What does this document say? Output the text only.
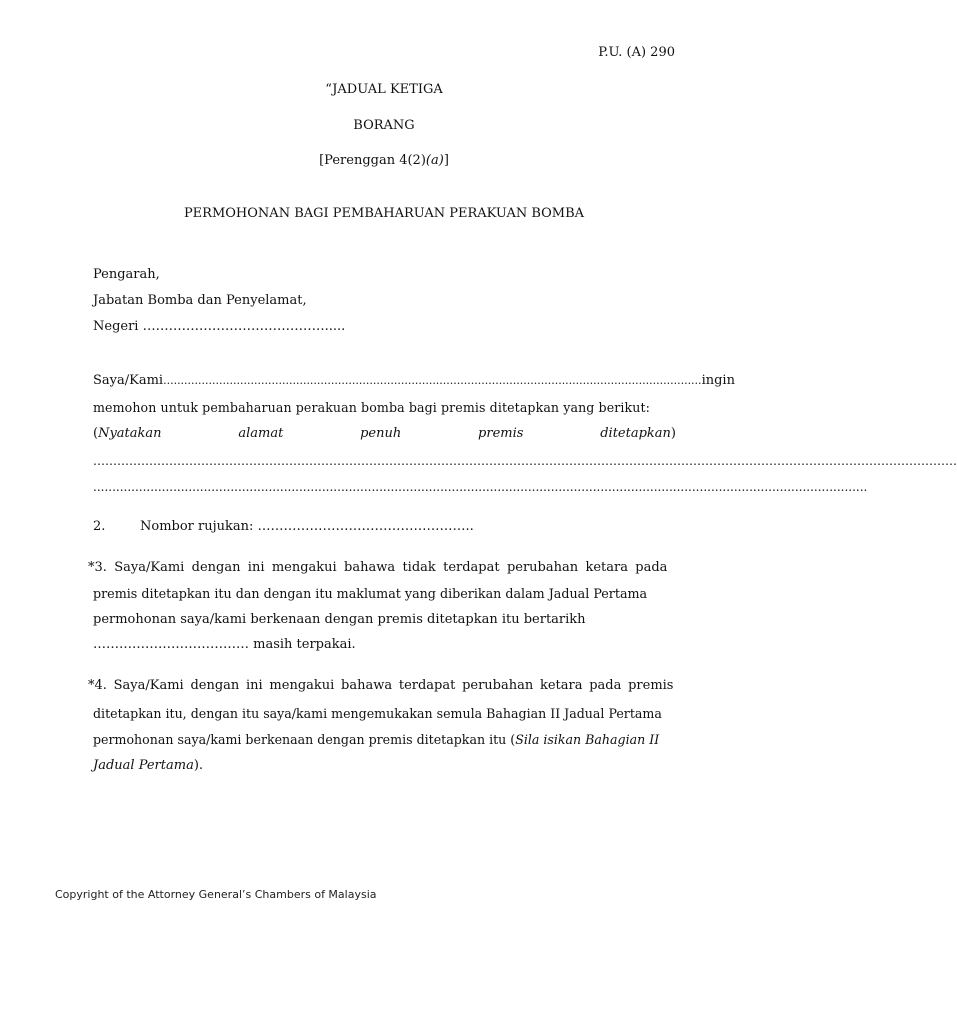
P.U. (A) 290
“JADUAL KETIGA
BORANG
[Perenggan 4(2)(a)]
PERMOHONAN BAGI PEMBAHARUAN PERAKUAN BOMBA
Pengarah,
Jabatan Bomba dan Penyelamat,
Negeri …………………………………….....
Saya/Kami .......................................................................................................................................................... ingin
memohon untuk pembaharuan perakuan bomba bagi premis ditetapkan yang berikut:
(Nyatakan	alamat	penuh	premis	ditetapkan)
………………………………………………………………………………………………………………………………………………………………………………………………
...........................................................................................................................................................................................................
2.	Nombor rujukan: …………………………………………..
*3. Saya/Kami dengan ini mengakui bahawa tidak terdapat perubahan ketara pada
premis ditetapkan itu dan dengan itu maklumat yang diberikan dalam Jadual Pertama
permohonan saya/kami berkenaan dengan premis ditetapkan itu bertarikh
……………………………… masih terpakai.
*4. Saya/Kami dengan ini mengakui bahawa terdapat perubahan ketara pada premis
ditetapkan itu, dengan itu saya/kami mengemukakan semula Bahagian II Jadual Pertama
permohonan saya/kami berkenaan dengan premis ditetapkan itu (Sila isikan Bahagian II
Jadual Pertama).
Copyright of the Attorney General’s Chambers of Malaysia
